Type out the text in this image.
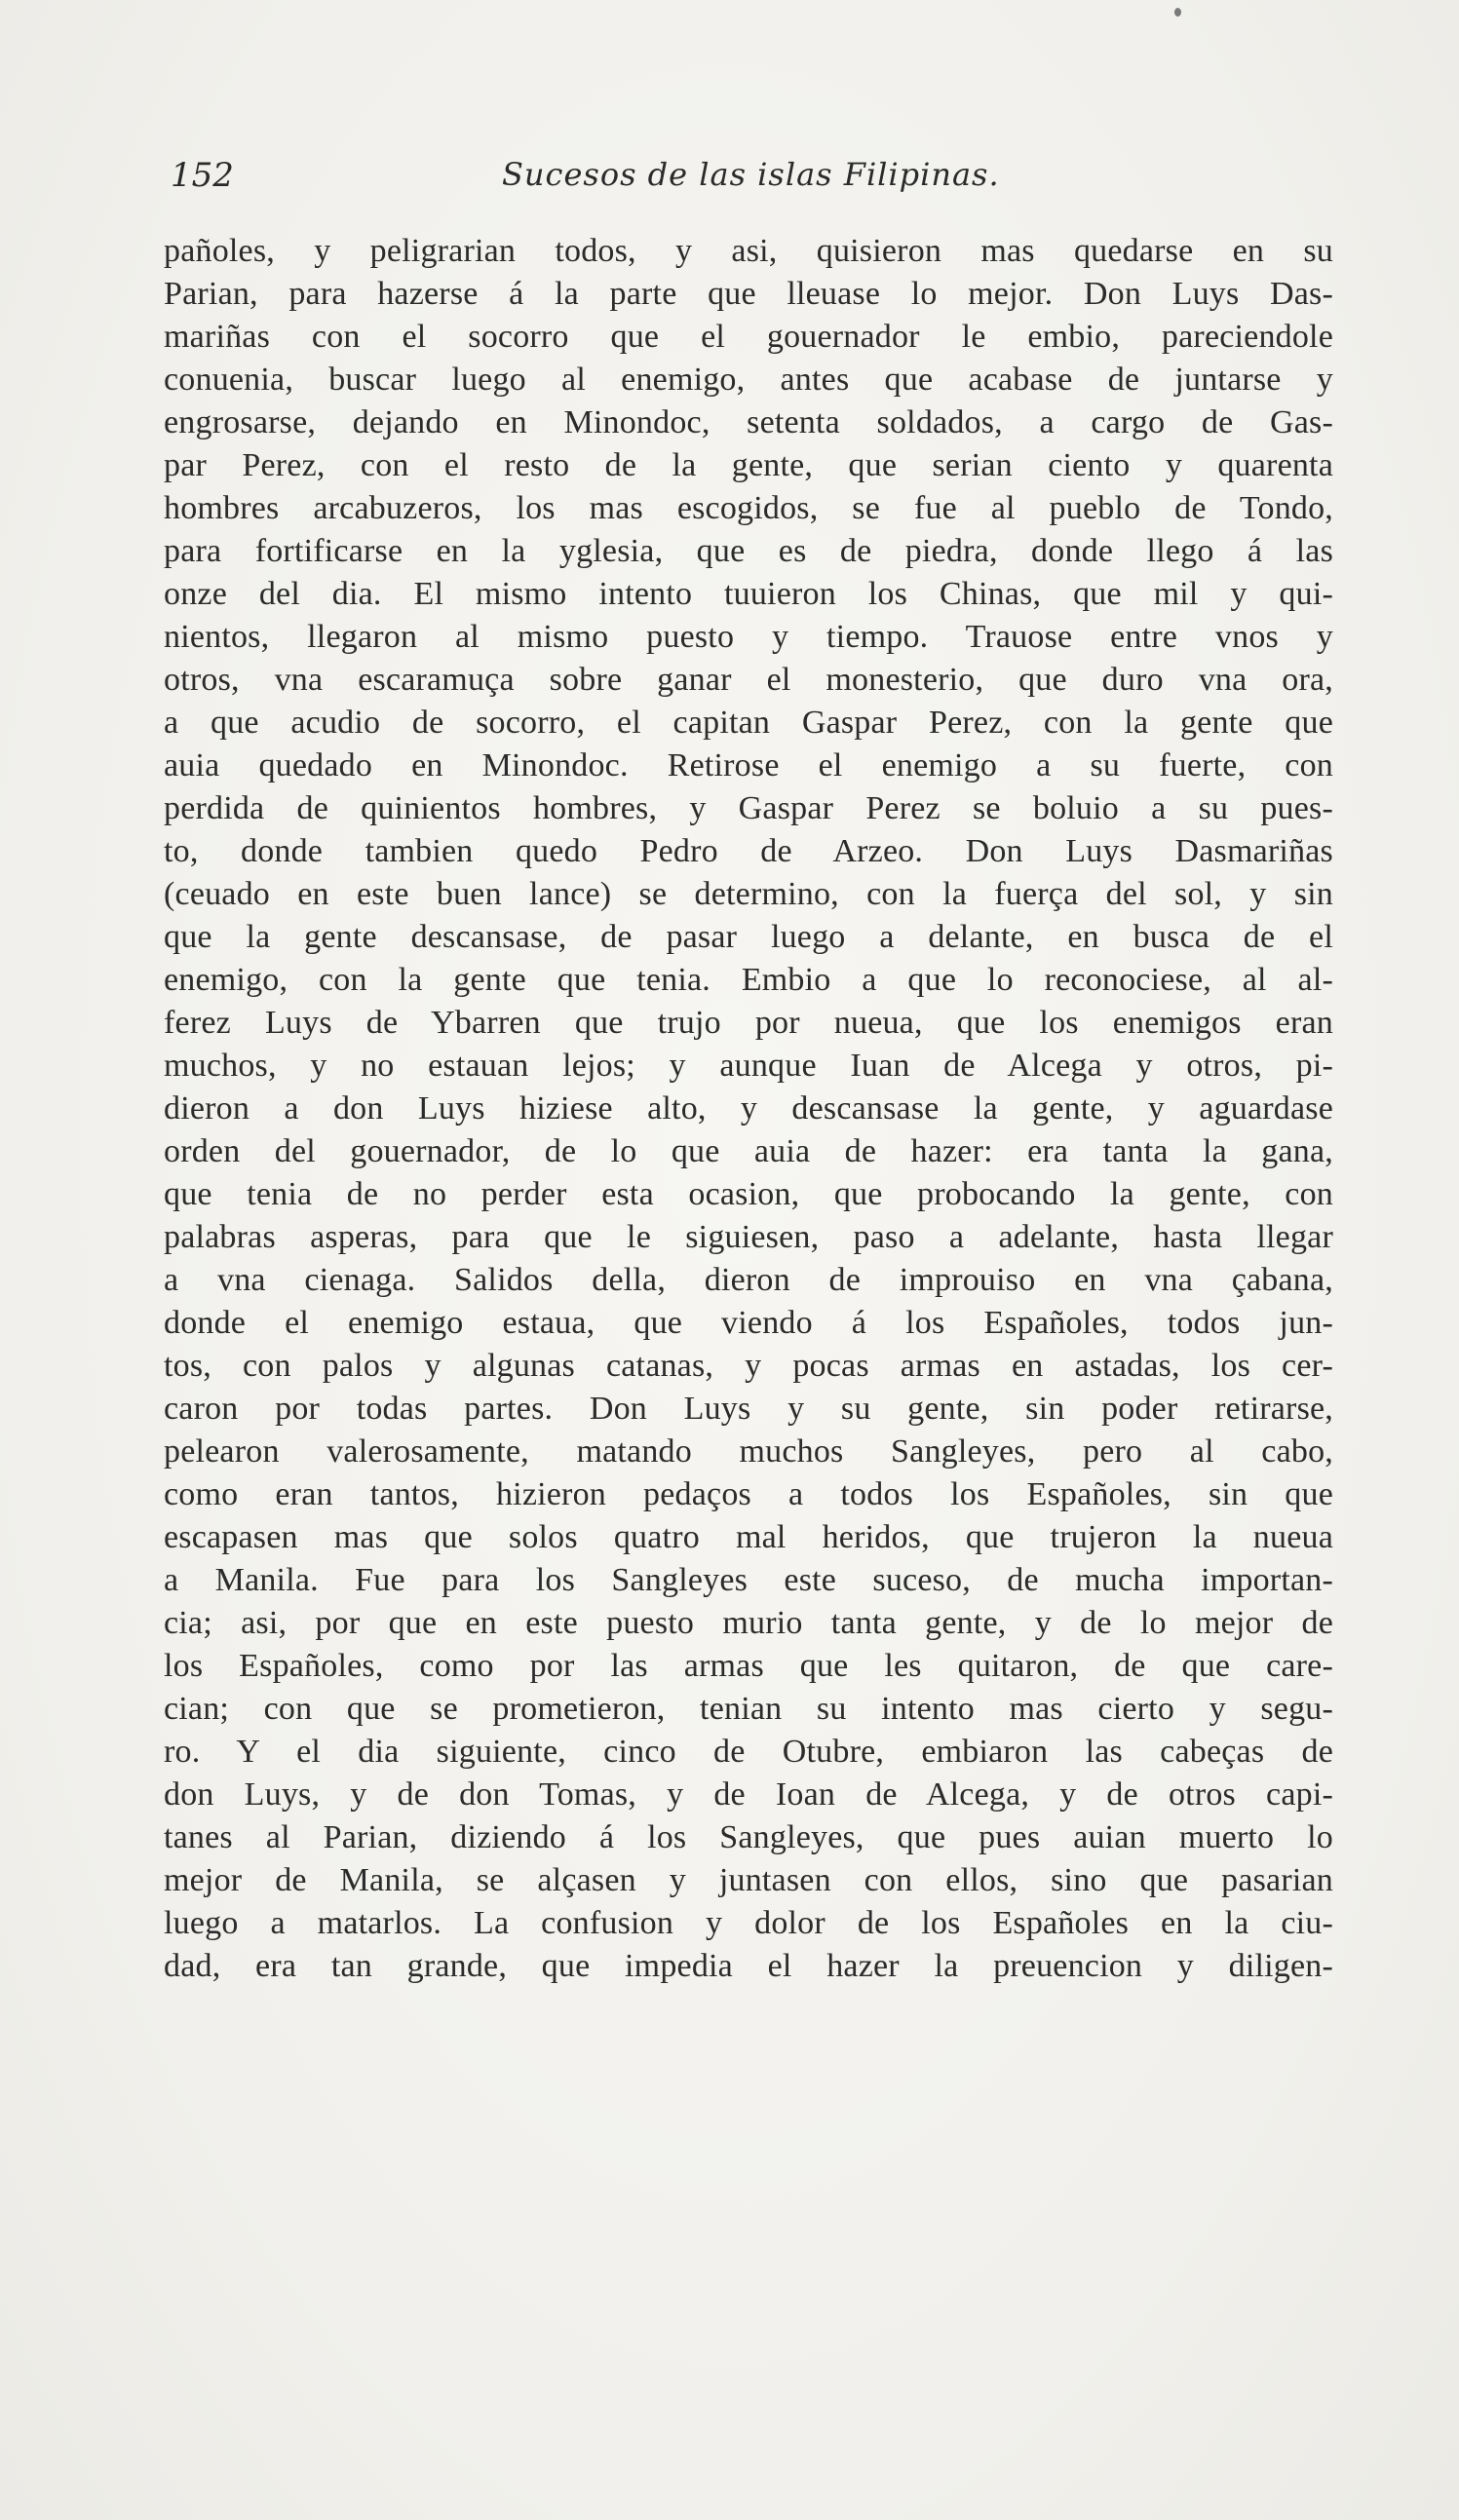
152	Sucesos de las islas Filipinas.
pañoles, y peligrarian todos, y asi, quisieron mas quedarse en su
Parian, para hazerse á la parte que lleuase lo mejor. Don Luys Das-
mariñas con el socorro que el gouernador le embio, pareciendole
conuenia, buscar luego al enemigo, antes que acabase de juntarse y
engrosarse, dejando en Minondoc, setenta soldados, a cargo de Gas-
par Perez, con el resto de la gente, que serian ciento y quarenta
hombres arcabuzeros, los mas escogidos, se fue al pueblo de Tondo,
para fortificarse en la yglesia, que es de piedra, donde llego á las
onze del dia. El mismo intento tuuieron los Chinas, que mil y qui-
nientos, llegaron al mismo puesto y tiempo. Trauose entre vnos y
otros, vna escaramuça sobre ganar el monesterio, que duro vna ora,
a que acudio de socorro, el capitan Gaspar Perez, con la gente que
auia quedado en Minondoc. Retirose el enemigo a su fuerte, con
perdida de quinientos hombres, y Gaspar Perez se boluio a su pues-
to, donde tambien quedo Pedro de Arzeo. Don Luys Dasmariñas
(ceuado en este buen lance) se determino, con la fuerça del sol, y sin
que la gente descansase, de pasar luego a delante, en busca de el
enemigo, con la gente que tenia. Embio a que lo reconociese, al al-
ferez Luys de Ybarren que trujo por nueua, que los enemigos eran
muchos, y no estauan lejos; y aunque Iuan de Alcega y otros, pi-
dieron a don Luys hiziese alto, y descansase la gente, y aguardase
orden del gouernador, de lo que auia de hazer: era tanta la gana,
que tenia de no perder esta ocasion, que probocando la gente, con
palabras asperas, para que le siguiesen, paso a adelante, hasta llegar
a vna cienaga. Salidos della, dieron de improuiso en vna çabana,
donde el enemigo estaua, que viendo á los Españoles, todos jun-
tos, con palos y algunas catanas, y pocas armas en astadas, los cer-
caron por todas partes. Don Luys y su gente, sin poder retirarse,
pelearon valerosamente, matando muchos Sangleyes, pero al cabo,
como eran tantos, hizieron pedaços a todos los Españoles, sin que
escapasen mas que solos quatro mal heridos, que trujeron la nueua
a Manila. Fue para los Sangleyes este suceso, de mucha importan-
cia; asi, por que en este puesto murio tanta gente, y de lo mejor de
los Españoles, como por las armas que les quitaron, de que care-
cian; con que se prometieron, tenian su intento mas cierto y segu-
ro. Y el dia siguiente, cinco de Otubre, embiaron las cabeças de
don Luys, y de don Tomas, y de Ioan de Alcega, y de otros capi-
tanes al Parian, diziendo á los Sangleyes, que pues auian muerto lo
mejor de Manila, se alçasen y juntasen con ellos, sino que pasarian
luego a matarlos. La confusion y dolor de los Españoles en la ciu-
dad, era tan grande, que impedia el hazer la preuencion y diligen-
